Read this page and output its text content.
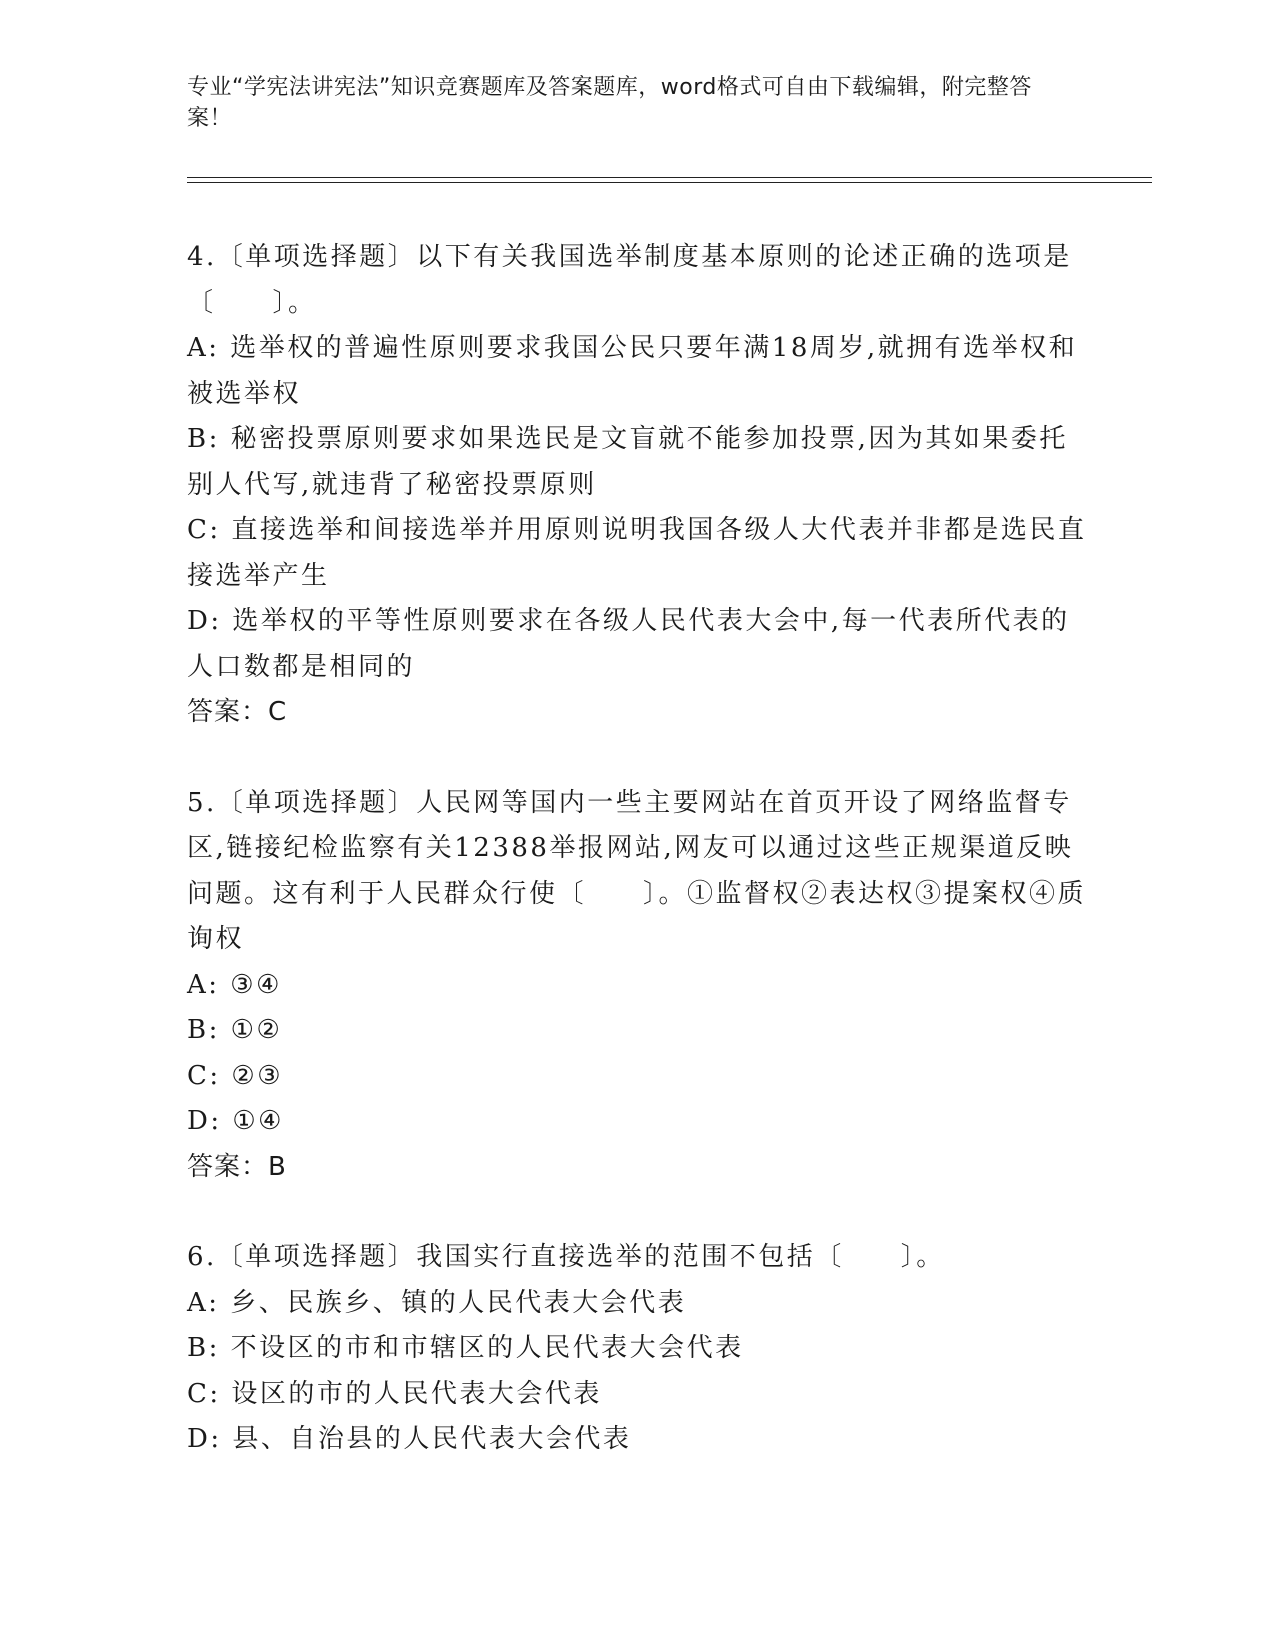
专业“学宪法讲宪法”知识竞赛题库及答案题库，word格式可自由下载编辑，附完整答案！

4.〔单项选择题〕以下有关我国选举制度基本原则的论述正确的选项是〔　　〕。

A: 选举权的普遍性原则要求我国公民只要年满18周岁,就拥有选举权和被选举权

B: 秘密投票原则要求如果选民是文盲就不能参加投票,因为其如果委托别人代写,就违背了秘密投票原则

C: 直接选举和间接选举并用原则说明我国各级人大代表并非都是选民直接选举产生

D: 选举权的平等性原则要求在各级人民代表大会中,每一代表所代表的人口数都是相同的

答案：C

5.〔单项选择题〕人民网等国内一些主要网站在首页开设了网络监督专区,链接纪检监察有关12388举报网站,网友可以通过这些正规渠道反映问题。这有利于人民群众行使〔　　〕。①监督权②表达权③提案权④质询权

A: ③④

B: ①②

C: ②③

D: ①④

答案：B

6.〔单项选择题〕我国实行直接选举的范围不包括〔　　〕。

A: 乡、民族乡、镇的人民代表大会代表

B: 不设区的市和市辖区的人民代表大会代表

C: 设区的市的人民代表大会代表

D: 县、自治县的人民代表大会代表
